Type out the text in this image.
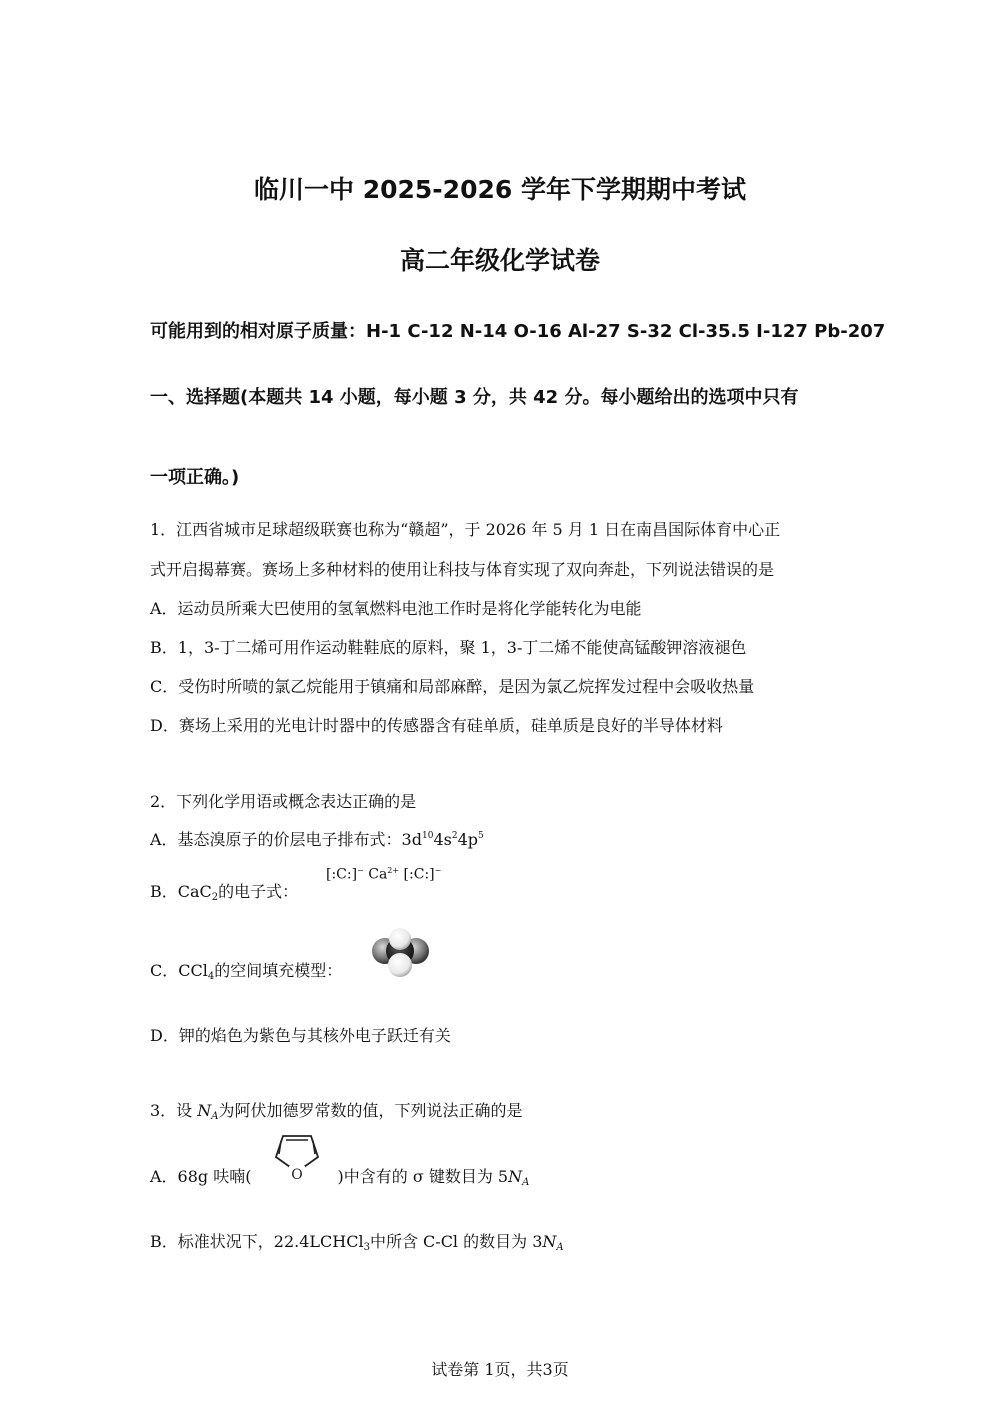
临川一中 2025-2026 学年下学期期中考试
高二年级化学试卷
可能用到的相对原子质量：H-1 C-12 N-14 O-16 Al-27 S-32 Cl-35.5 I-127 Pb-207
一、选择题(本题共 14 小题，每小题 3 分，共 42 分。每小题给出的选项中只有
一项正确。)
1．江西省城市足球超级联赛也称为“赣超”，于 2026 年 5 月 1 日在南昌国际体育中心正
式开启揭幕赛。赛场上多种材料的使用让科技与体育实现了双向奔赴，下列说法错误的是
A．运动员所乘大巴使用的氢氧燃料电池工作时是将化学能转化为电能
B．1，3-丁二烯可用作运动鞋鞋底的原料，聚 1，3-丁二烯不能使高锰酸钾溶液褪色
C．受伤时所喷的氯乙烷能用于镇痛和局部麻醉，是因为氯乙烷挥发过程中会吸收热量
D．赛场上采用的光电计时器中的传感器含有硅单质，硅单质是良好的半导体材料
2．下列化学用语或概念表达正确的是
A．基态溴原子的价层电子排布式：$3d^{10}4s^24p^5$
B．CaC$_2$的电子式：
[:C:]− $Ca^{2+}$ [:C:]−
C．CCl$_4$的空间填充模型：
D．钾的焰色为紫色与其核外电子跃迁有关
3．设 $N_A$为阿伏加德罗常数的值，下列说法正确的是
A．68g 呋喃(	)中含有的 σ 键数目为 $5N_A$
O
B．标准状况下，22.4LCHCl$_3$中所含 C-Cl 的数目为 $3N_A$
试卷第 1页，共3页
